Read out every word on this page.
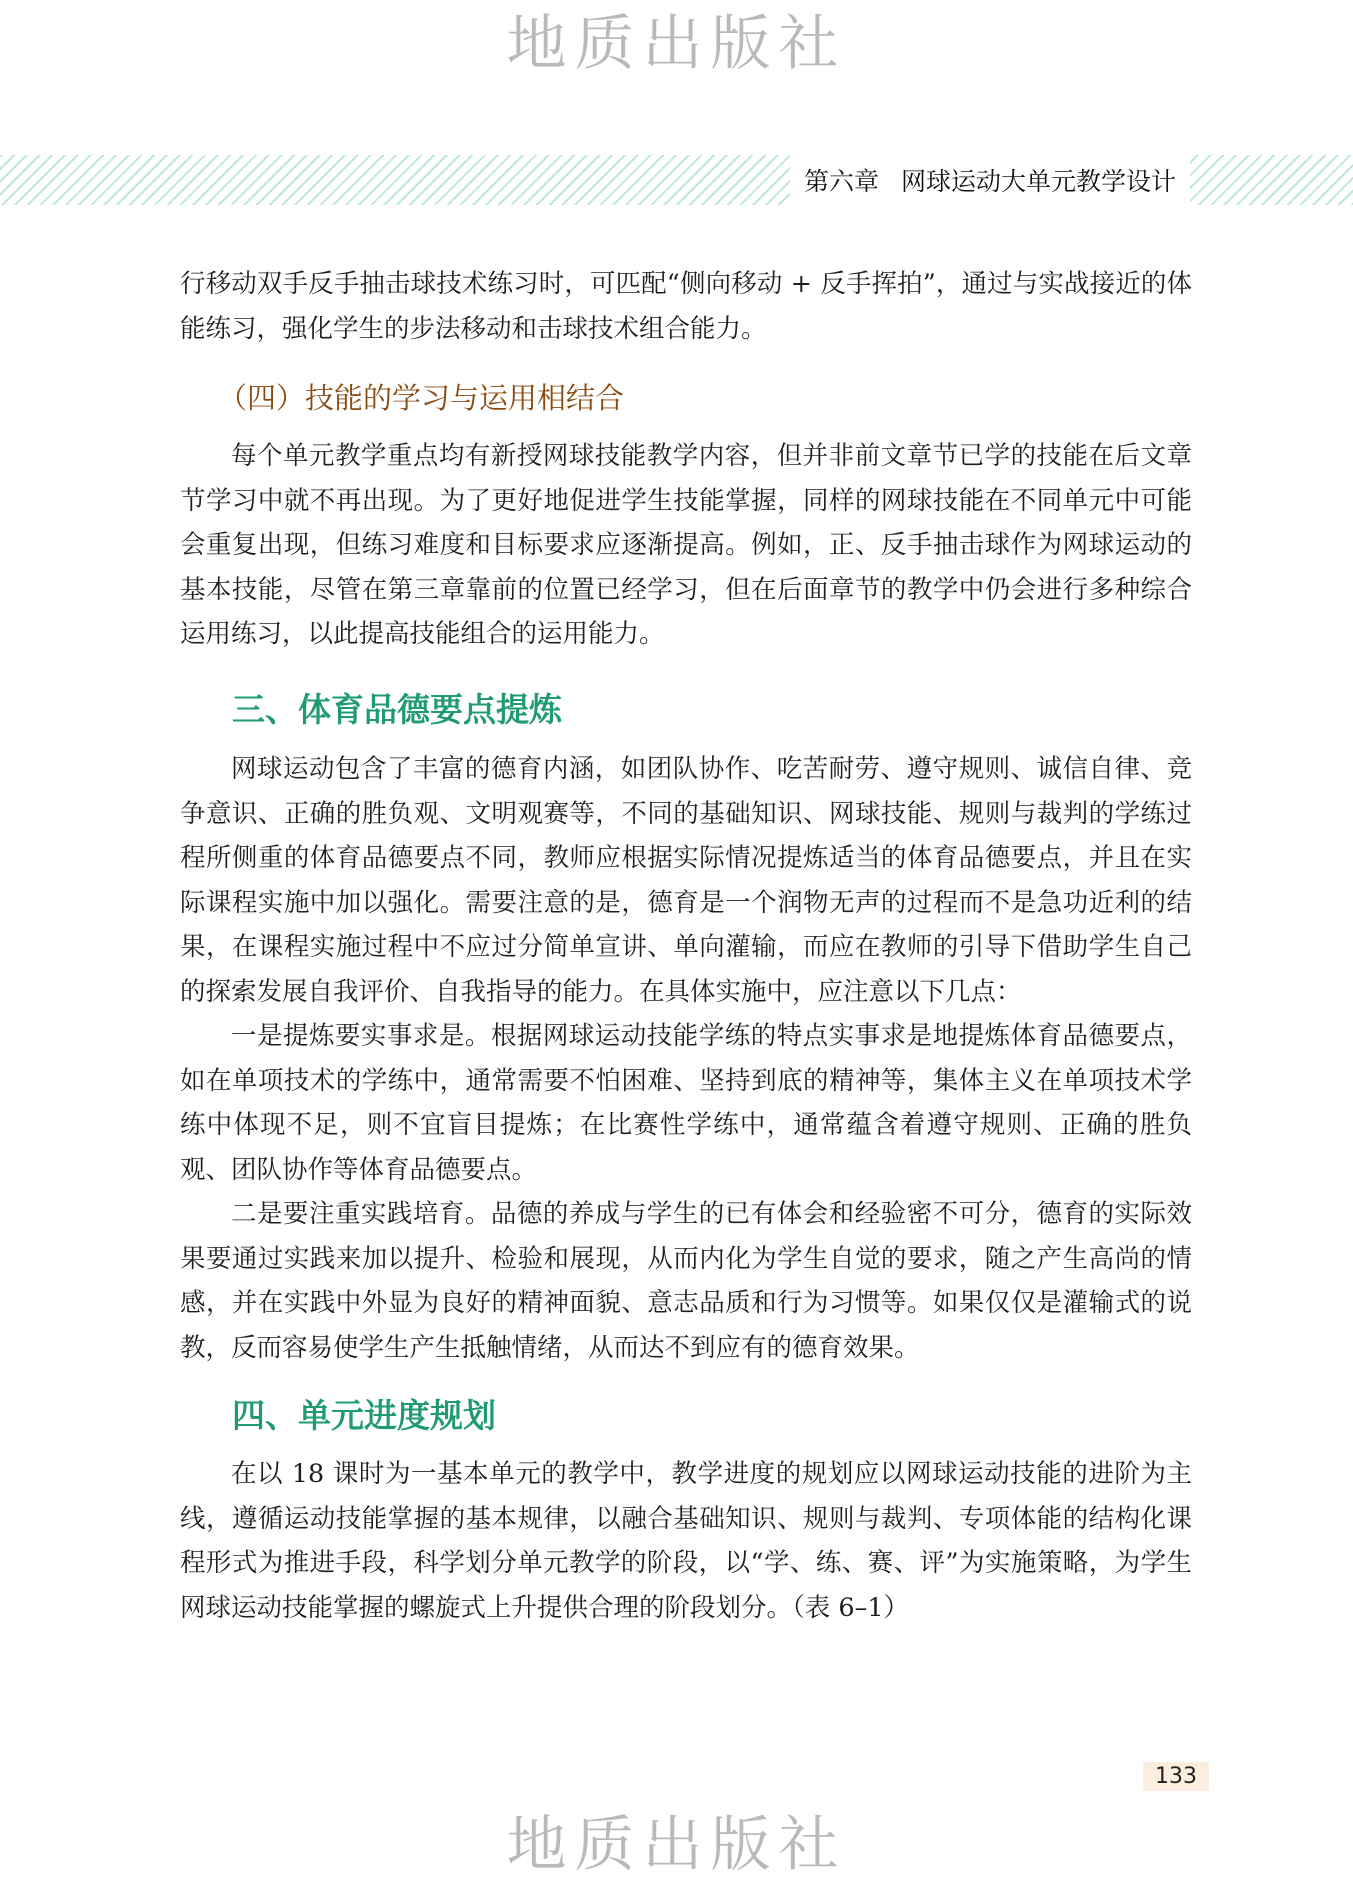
地质出版社
第六章 网球运动大单元教学设计

行移动双手反手抽击球技术练习时，可匹配“侧向移动 + 反手挥拍”，通过与实战接近的体能练习，强化学生的步法移动和击球技术组合能力。

（四）技能的学习与运用相结合

每个单元教学重点均有新授网球技能教学内容，但并非前文章节已学的技能在后文章节学习中就不再出现。为了更好地促进学生技能掌握，同样的网球技能在不同单元中可能会重复出现，但练习难度和目标要求应逐渐提高。例如，正、反手抽击球作为网球运动的基本技能，尽管在第三章靠前的位置已经学习，但在后面章节的教学中仍会进行多种综合运用练习，以此提高技能组合的运用能力。

三、体育品德要点提炼

网球运动包含了丰富的德育内涵，如团队协作、吃苦耐劳、遵守规则、诚信自律、竞争意识、正确的胜负观、文明观赛等，不同的基础知识、网球技能、规则与裁判的学练过程所侧重的体育品德要点不同，教师应根据实际情况提炼适当的体育品德要点，并且在实际课程实施中加以强化。需要注意的是，德育是一个润物无声的过程而不是急功近利的结果，在课程实施过程中不应过分简单宣讲、单向灌输，而应在教师的引导下借助学生自己的探索发展自我评价、自我指导的能力。在具体实施中，应注意以下几点：

一是提炼要实事求是。根据网球运动技能学练的特点实事求是地提炼体育品德要点，如在单项技术的学练中，通常需要不怕困难、坚持到底的精神等，集体主义在单项技术学练中体现不足，则不宜盲目提炼；在比赛性学练中，通常蕴含着遵守规则、正确的胜负观、团队协作等体育品德要点。

二是要注重实践培育。品德的养成与学生的已有体会和经验密不可分，德育的实际效果要通过实践来加以提升、检验和展现，从而内化为学生自觉的要求，随之产生高尚的情感，并在实践中外显为良好的精神面貌、意志品质和行为习惯等。如果仅仅是灌输式的说教，反而容易使学生产生抵触情绪，从而达不到应有的德育效果。

四、单元进度规划

在以 18 课时为一基本单元的教学中，教学进度的规划应以网球运动技能的进阶为主线，遵循运动技能掌握的基本规律，以融合基础知识、规则与裁判、专项体能的结构化课程形式为推进手段，科学划分单元教学的阶段，以“学、练、赛、评”为实施策略，为学生网球运动技能掌握的螺旋式上升提供合理的阶段划分。（表 6–1）

133
地质出版社
